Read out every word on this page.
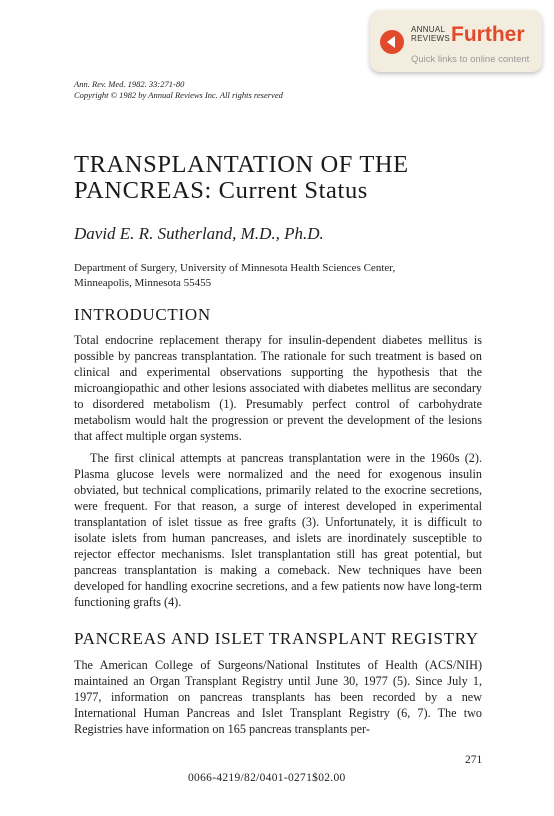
ANNUAL
REVIEWS Further
Quick links to online content
Ann. Rev. Med. 1982. 33:271-80
Copyright © 1982 by Annual Reviews Inc. All rights reserved
TRANSPLANTATION OF THE
PANCREAS: Current Status
David E. R. Sutherland, M.D., Ph.D.
Department of Surgery, University of Minnesota Health Sciences Center,
Minneapolis, Minnesota 55455
INTRODUCTION
Total endocrine replacement therapy for insulin-dependent diabetes mellitus is possible by pancreas transplantation. The rationale for such treatment is based on clinical and experimental observations supporting the hypothesis that the microangiopathic and other lesions associated with diabetes mellitus are secondary to disordered metabolism (1). Presumably perfect control of carbohydrate metabolism would halt the progression or prevent the development of the lesions that affect multiple organ systems.
The first clinical attempts at pancreas transplantation were in the 1960s (2). Plasma glucose levels were normalized and the need for exogenous insulin obviated, but technical complications, primarily related to the exocrine secretions, were frequent. For that reason, a surge of interest developed in experimental transplantation of islet tissue as free grafts (3). Unfortunately, it is difficult to isolate islets from human pancreases, and islets are inordinately susceptible to rejector effector mechanisms. Islet transplantation still has great potential, but pancreas transplantation is making a comeback. New techniques have been developed for handling exocrine secretions, and a few patients now have long-term functioning grafts (4).
PANCREAS AND ISLET TRANSPLANT REGISTRY
The American College of Surgeons/National Institutes of Health (ACS/NIH) maintained an Organ Transplant Registry until June 30, 1977 (5). Since July 1, 1977, information on pancreas transplants has been recorded by a new International Human Pancreas and Islet Transplant Registry (6, 7). The two Registries have information on 165 pancreas transplants per-
271
0066-4219/82/0401-0271$02.00
